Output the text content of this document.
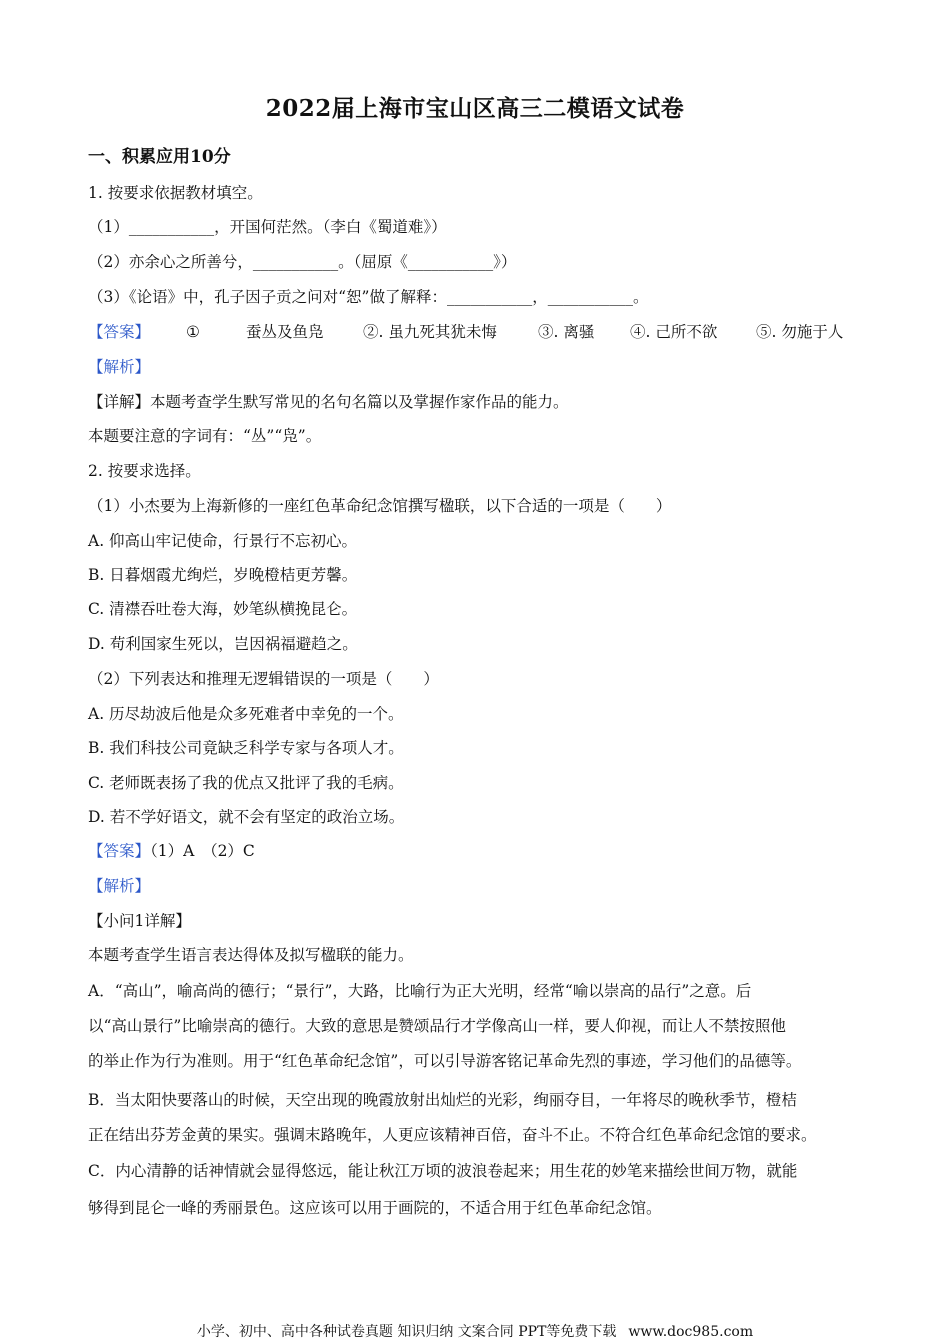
2022届上海市宝山区高三二模语文试卷
一、积累应用10分
1. 按要求依据教材填空。
（1）___________，开国何茫然。（李白《蜀道难》）
（2）亦余心之所善兮，___________。（屈原《___________》）
（3）《论语》中，孔子因子贡之问对“恕”做了解释：___________，___________。
【答案】 ①	蚕丛及鱼凫	②. 虽九死其犹未悔	③. 离骚 ④. 己所不欲 ⑤. 勿施于人
【解析】
【详解】本题考查学生默写常见的名句名篇以及掌握作家作品的能力。
本题要注意的字词有：“丛”“凫”。
2. 按要求选择。
（1）小杰要为上海新修的一座红色革命纪念馆撰写楹联，以下合适的一项是（　　）
A. 仰高山牢记使命，行景行不忘初心。
B. 日暮烟霞尤绚烂，岁晚橙桔更芳馨。
C. 清襟吞吐卷大海，妙笔纵横挽昆仑。
D. 苟利国家生死以，岂因祸福避趋之。
（2）下列表达和推理无逻辑错误的一项是（　　）
A. 历尽劫波后他是众多死难者中幸免的一个。
B. 我们科技公司竟缺乏科学专家与各项人才。
C. 老师既表扬了我的优点又批评了我的毛病。
D. 若不学好语文，就不会有坚定的政治立场。
【答案】（1）A　（2）C
【解析】
【小问1详解】
本题考查学生语言表达得体及拟写楹联的能力。
A．“高山”，喻高尚的德行；“景行”，大路，比喻行为正大光明，经常“喻以崇高的品行”之意。后
以“高山景行”比喻崇高的德行。大致的意思是赞颂品行才学像高山一样，要人仰视，而让人不禁按照他
的举止作为行为准则。用于“红色革命纪念馆”，可以引导游客铭记革命先烈的事迹，学习他们的品德等。
B．当太阳快要落山的时候，天空出现的晚霞放射出灿烂的光彩，绚丽夺目，一年将尽的晚秋季节，橙桔
正在结出芬芳金黄的果实。强调末路晚年，人更应该精神百倍，奋斗不止。不符合红色革命纪念馆的要求。
C．内心清静的话神情就会显得悠远，能让秋江万顷的波浪卷起来；用生花的妙笔来描绘世间万物，就能
够得到昆仑一峰的秀丽景色。这应该可以用于画院的，不适合用于红色革命纪念馆。
小学、初中、高中各种试卷真题 知识归纳 文案合同 PPT等免费下载 www.doc985.com
